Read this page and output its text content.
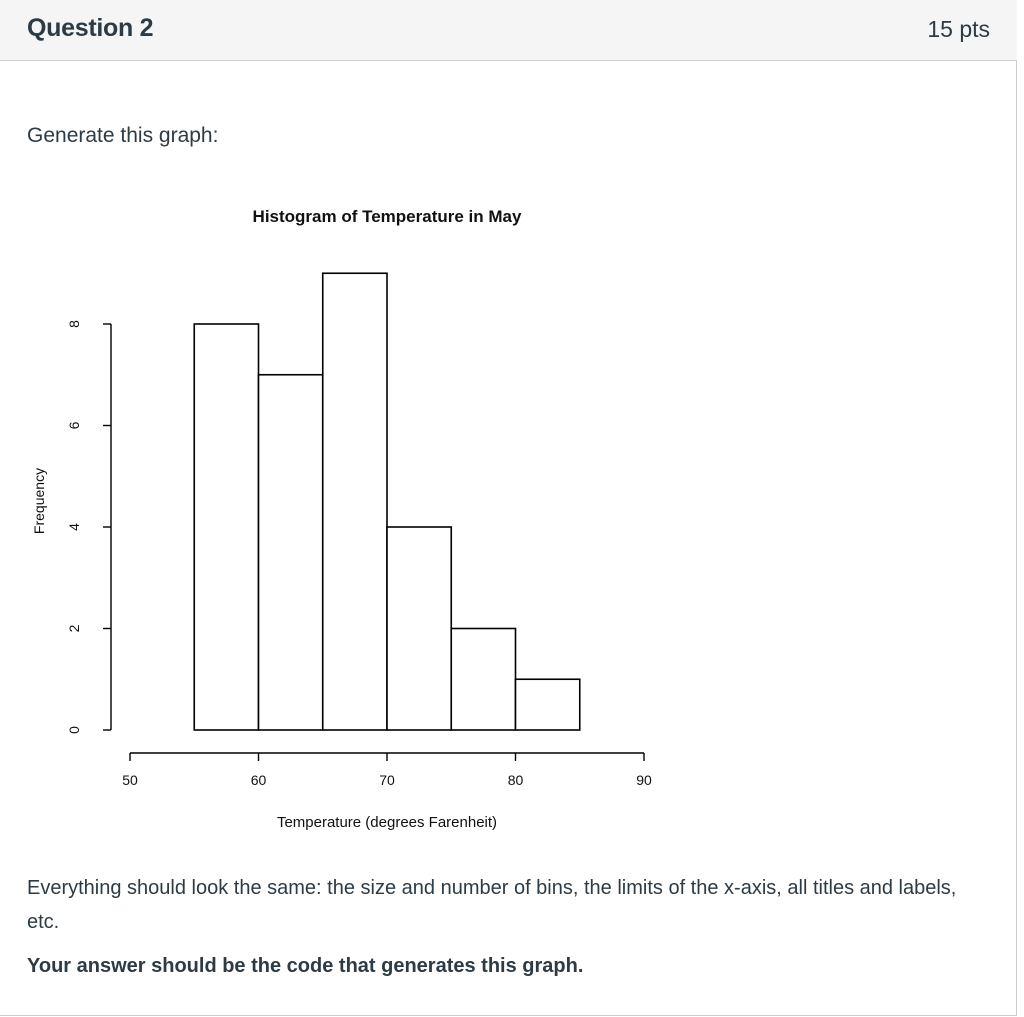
Question 2	15 pts
Generate this graph:
Histogram of Temperature in May
50	60	70	80	90
0
2
4
6
8
Temperature (degrees Farenheit)
Frequency
Everything should look the same: the size and number of bins, the limits of the x-axis, all titles and labels, etc.
Your answer should be the code that generates this graph.
